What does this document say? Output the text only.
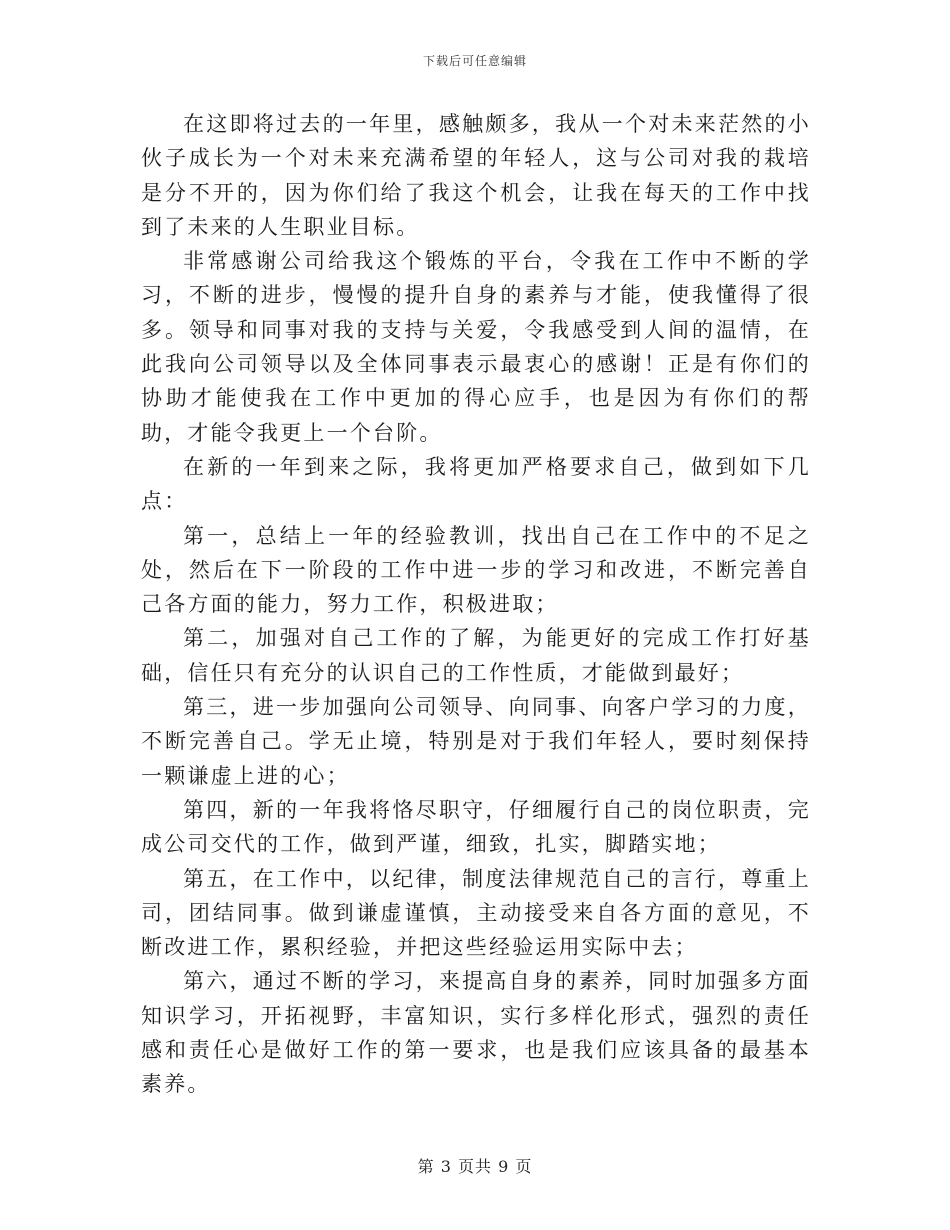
下载后可任意编辑

在这即将过去的一年里，感触颇多，我从一个对未来茫然的小伙子成长为一个对未来充满希望的年轻人，这与公司对我的栽培是分不开的，因为你们给了我这个机会，让我在每天的工作中找到了未来的人生职业目标。

非常感谢公司给我这个锻炼的平台，令我在工作中不断的学习，不断的进步，慢慢的提升自身的素养与才能，使我懂得了很多。领导和同事对我的支持与关爱，令我感受到人间的温情，在此我向公司领导以及全体同事表示最衷心的感谢！正是有你们的协助才能使我在工作中更加的得心应手，也是因为有你们的帮助，才能令我更上一个台阶。

在新的一年到来之际，我将更加严格要求自己，做到如下几点：

第一，总结上一年的经验教训，找出自己在工作中的不足之处，然后在下一阶段的工作中进一步的学习和改进，不断完善自己各方面的能力，努力工作，积极进取；

第二，加强对自己工作的了解，为能更好的完成工作打好基础，信任只有充分的认识自己的工作性质，才能做到最好；

第三，进一步加强向公司领导、向同事、向客户学习的力度，不断完善自己。学无止境，特别是对于我们年轻人，要时刻保持一颗谦虚上进的心；

第四，新的一年我将恪尽职守，仔细履行自己的岗位职责，完成公司交代的工作，做到严谨，细致，扎实，脚踏实地；

第五，在工作中，以纪律，制度法律规范自己的言行，尊重上司，团结同事。做到谦虚谨慎，主动接受来自各方面的意见，不断改进工作，累积经验，并把这些经验运用实际中去；

第六，通过不断的学习，来提高自身的素养，同时加强多方面知识学习，开拓视野，丰富知识，实行多样化形式，强烈的责任感和责任心是做好工作的第一要求，也是我们应该具备的最基本素养。

第 3 页共 9 页
